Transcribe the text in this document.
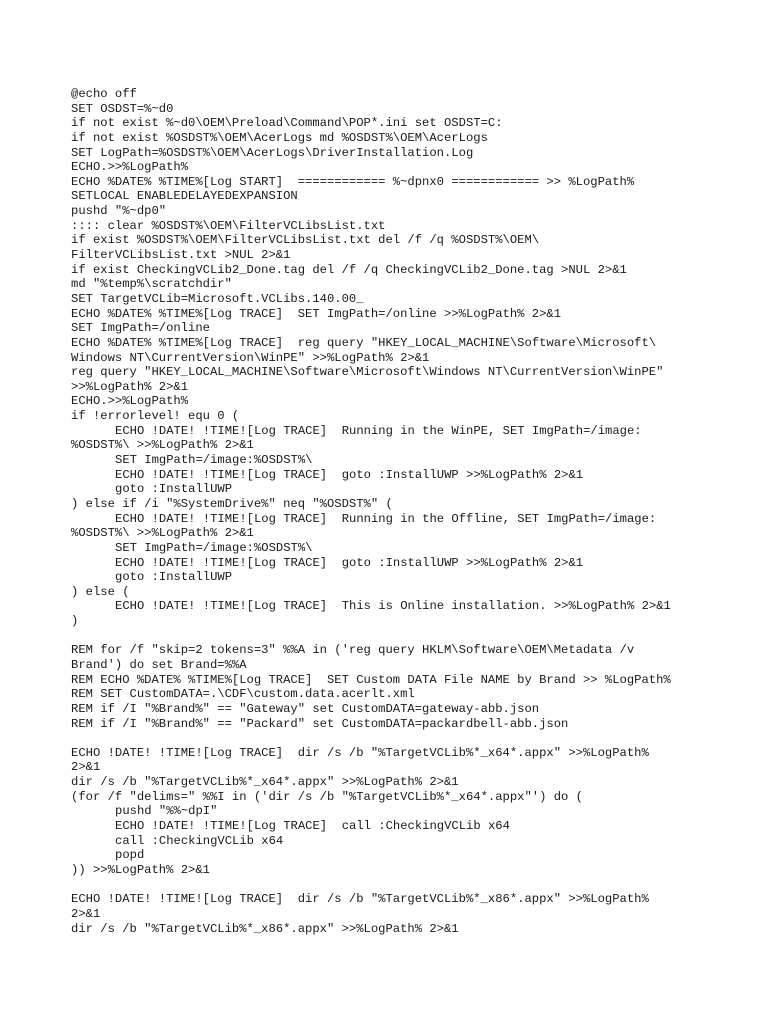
@echo off
SET OSDST=%~d0
if not exist %~d0\OEM\Preload\Command\POP*.ini set OSDST=C:
if not exist %OSDST%\OEM\AcerLogs md %OSDST%\OEM\AcerLogs
SET LogPath=%OSDST%\OEM\AcerLogs\DriverInstallation.Log
ECHO.>>%LogPath%
ECHO %DATE% %TIME%[Log START]  ============ %~dpnx0 ============ >> %LogPath%
SETLOCAL ENABLEDELAYEDEXPANSION
pushd "%~dp0"
:::: clear %OSDST%\OEM\FilterVCLibsList.txt
if exist %OSDST%\OEM\FilterVCLibsList.txt del /f /q %OSDST%\OEM\
FilterVCLibsList.txt >NUL 2>&1
if exist CheckingVCLib2_Done.tag del /f /q CheckingVCLib2_Done.tag >NUL 2>&1
md "%temp%\scratchdir"
SET TargetVCLib=Microsoft.VCLibs.140.00_
ECHO %DATE% %TIME%[Log TRACE]  SET ImgPath=/online >>%LogPath% 2>&1
SET ImgPath=/online
ECHO %DATE% %TIME%[Log TRACE]  reg query "HKEY_LOCAL_MACHINE\Software\Microsoft\
Windows NT\CurrentVersion\WinPE" >>%LogPath% 2>&1
reg query "HKEY_LOCAL_MACHINE\Software\Microsoft\Windows NT\CurrentVersion\WinPE"
>>%LogPath% 2>&1
ECHO.>>%LogPath%
if !errorlevel! equ 0 (
ECHO !DATE! !TIME![Log TRACE]  Running in the WinPE, SET ImgPath=/image:
%OSDST%\ >>%LogPath% 2>&1
SET ImgPath=/image:%OSDST%\
ECHO !DATE! !TIME![Log TRACE]  goto :InstallUWP >>%LogPath% 2>&1
goto :InstallUWP
) else if /i "%SystemDrive%" neq "%OSDST%" (
ECHO !DATE! !TIME![Log TRACE]  Running in the Offline, SET ImgPath=/image:
%OSDST%\ >>%LogPath% 2>&1
SET ImgPath=/image:%OSDST%\
ECHO !DATE! !TIME![Log TRACE]  goto :InstallUWP >>%LogPath% 2>&1
goto :InstallUWP
) else (
ECHO !DATE! !TIME![Log TRACE]  This is Online installation. >>%LogPath% 2>&1
)
REM for /f "skip=2 tokens=3" %%A in ('reg query HKLM\Software\OEM\Metadata /v
Brand') do set Brand=%%A
REM ECHO %DATE% %TIME%[Log TRACE]  SET Custom DATA File NAME by Brand >> %LogPath%
REM SET CustomDATA=.\CDF\custom.data.acerlt.xml
REM if /I "%Brand%" == "Gateway" set CustomDATA=gateway-abb.json
REM if /I "%Brand%" == "Packard" set CustomDATA=packardbell-abb.json
ECHO !DATE! !TIME![Log TRACE]  dir /s /b "%TargetVCLib%*_x64*.appx" >>%LogPath%
2>&1
dir /s /b "%TargetVCLib%*_x64*.appx" >>%LogPath% 2>&1
(for /f "delims=" %%I in ('dir /s /b "%TargetVCLib%*_x64*.appx"') do (
pushd "%%~dpI"
ECHO !DATE! !TIME![Log TRACE]  call :CheckingVCLib x64
call :CheckingVCLib x64
popd
)) >>%LogPath% 2>&1
ECHO !DATE! !TIME![Log TRACE]  dir /s /b "%TargetVCLib%*_x86*.appx" >>%LogPath%
2>&1
dir /s /b "%TargetVCLib%*_x86*.appx" >>%LogPath% 2>&1
